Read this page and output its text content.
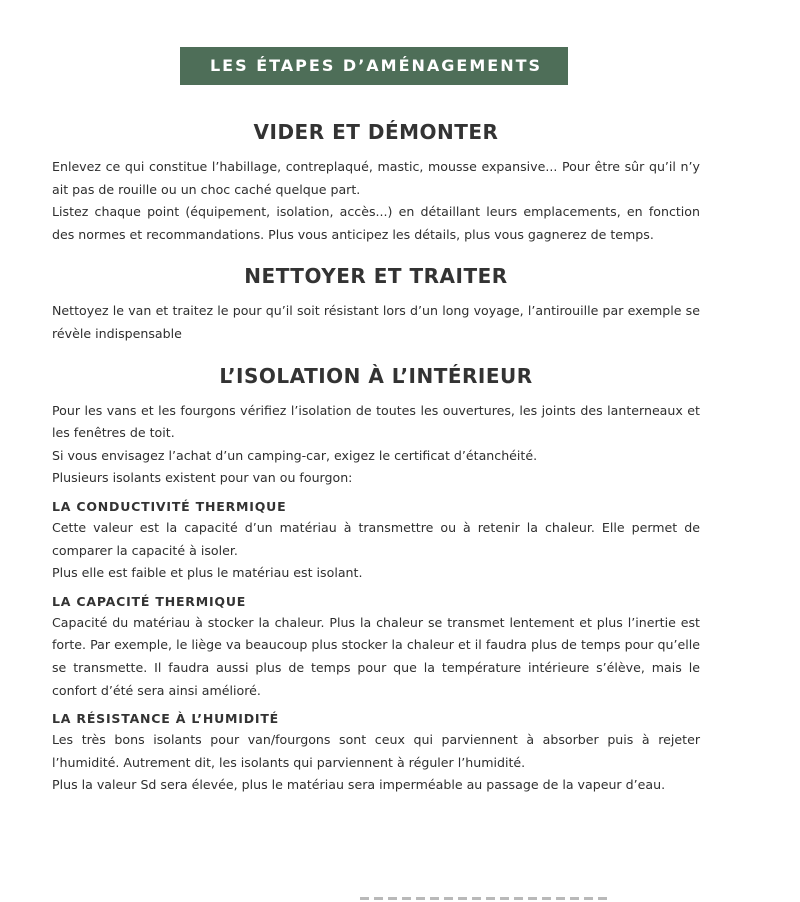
LES ÉTAPES D’AMÉNAGEMENTS
VIDER ET DÉMONTER

Enlevez ce qui constitue l’habillage, contreplaqué, mastic, mousse expansive... Pour être sûr qu’il n’y ait pas de rouille ou un choc caché quelque part.

Listez chaque point (équipement, isolation, accès...) en détaillant leurs emplacements, en fonction des normes et recommandations. Plus vous anticipez les détails, plus vous gagnerez de temps.

NETTOYER ET TRAITER

Nettoyez le van et traitez le pour qu’il soit résistant lors d’un long voyage, l’antirouille par exemple se révèle indispensable

L’ISOLATION À L’INTÉRIEUR

Pour les vans et les fourgons vérifiez l’isolation de toutes les ouvertures, les joints des lanterneaux et les fenêtres de toit.

Si vous envisagez l’achat d’un camping-car, exigez le certificat d’étanchéité.

Plusieurs isolants existent pour van ou fourgon:

LA CONDUCTIVITÉ THERMIQUE

Cette valeur est la capacité d’un matériau à transmettre ou à retenir la chaleur. Elle permet de comparer la capacité à isoler.

Plus elle est faible et plus le matériau est isolant.

LA CAPACITÉ THERMIQUE

Capacité du matériau à stocker la chaleur. Plus la chaleur se transmet lentement et plus l’inertie est forte. Par exemple, le liège va beaucoup plus stocker la chaleur et il faudra plus de temps pour qu’elle se transmette. Il faudra aussi plus de temps pour que la température intérieure s’élève, mais le confort d’été sera ainsi amélioré.

LA RÉSISTANCE À L’HUMIDITÉ

Les très bons isolants pour van/fourgons sont ceux qui parviennent à absorber puis à rejeter l’humidité. Autrement dit, les isolants qui parviennent à réguler l’humidité.

Plus la valeur Sd sera élevée, plus le matériau sera imperméable au passage de la vapeur d’eau.
